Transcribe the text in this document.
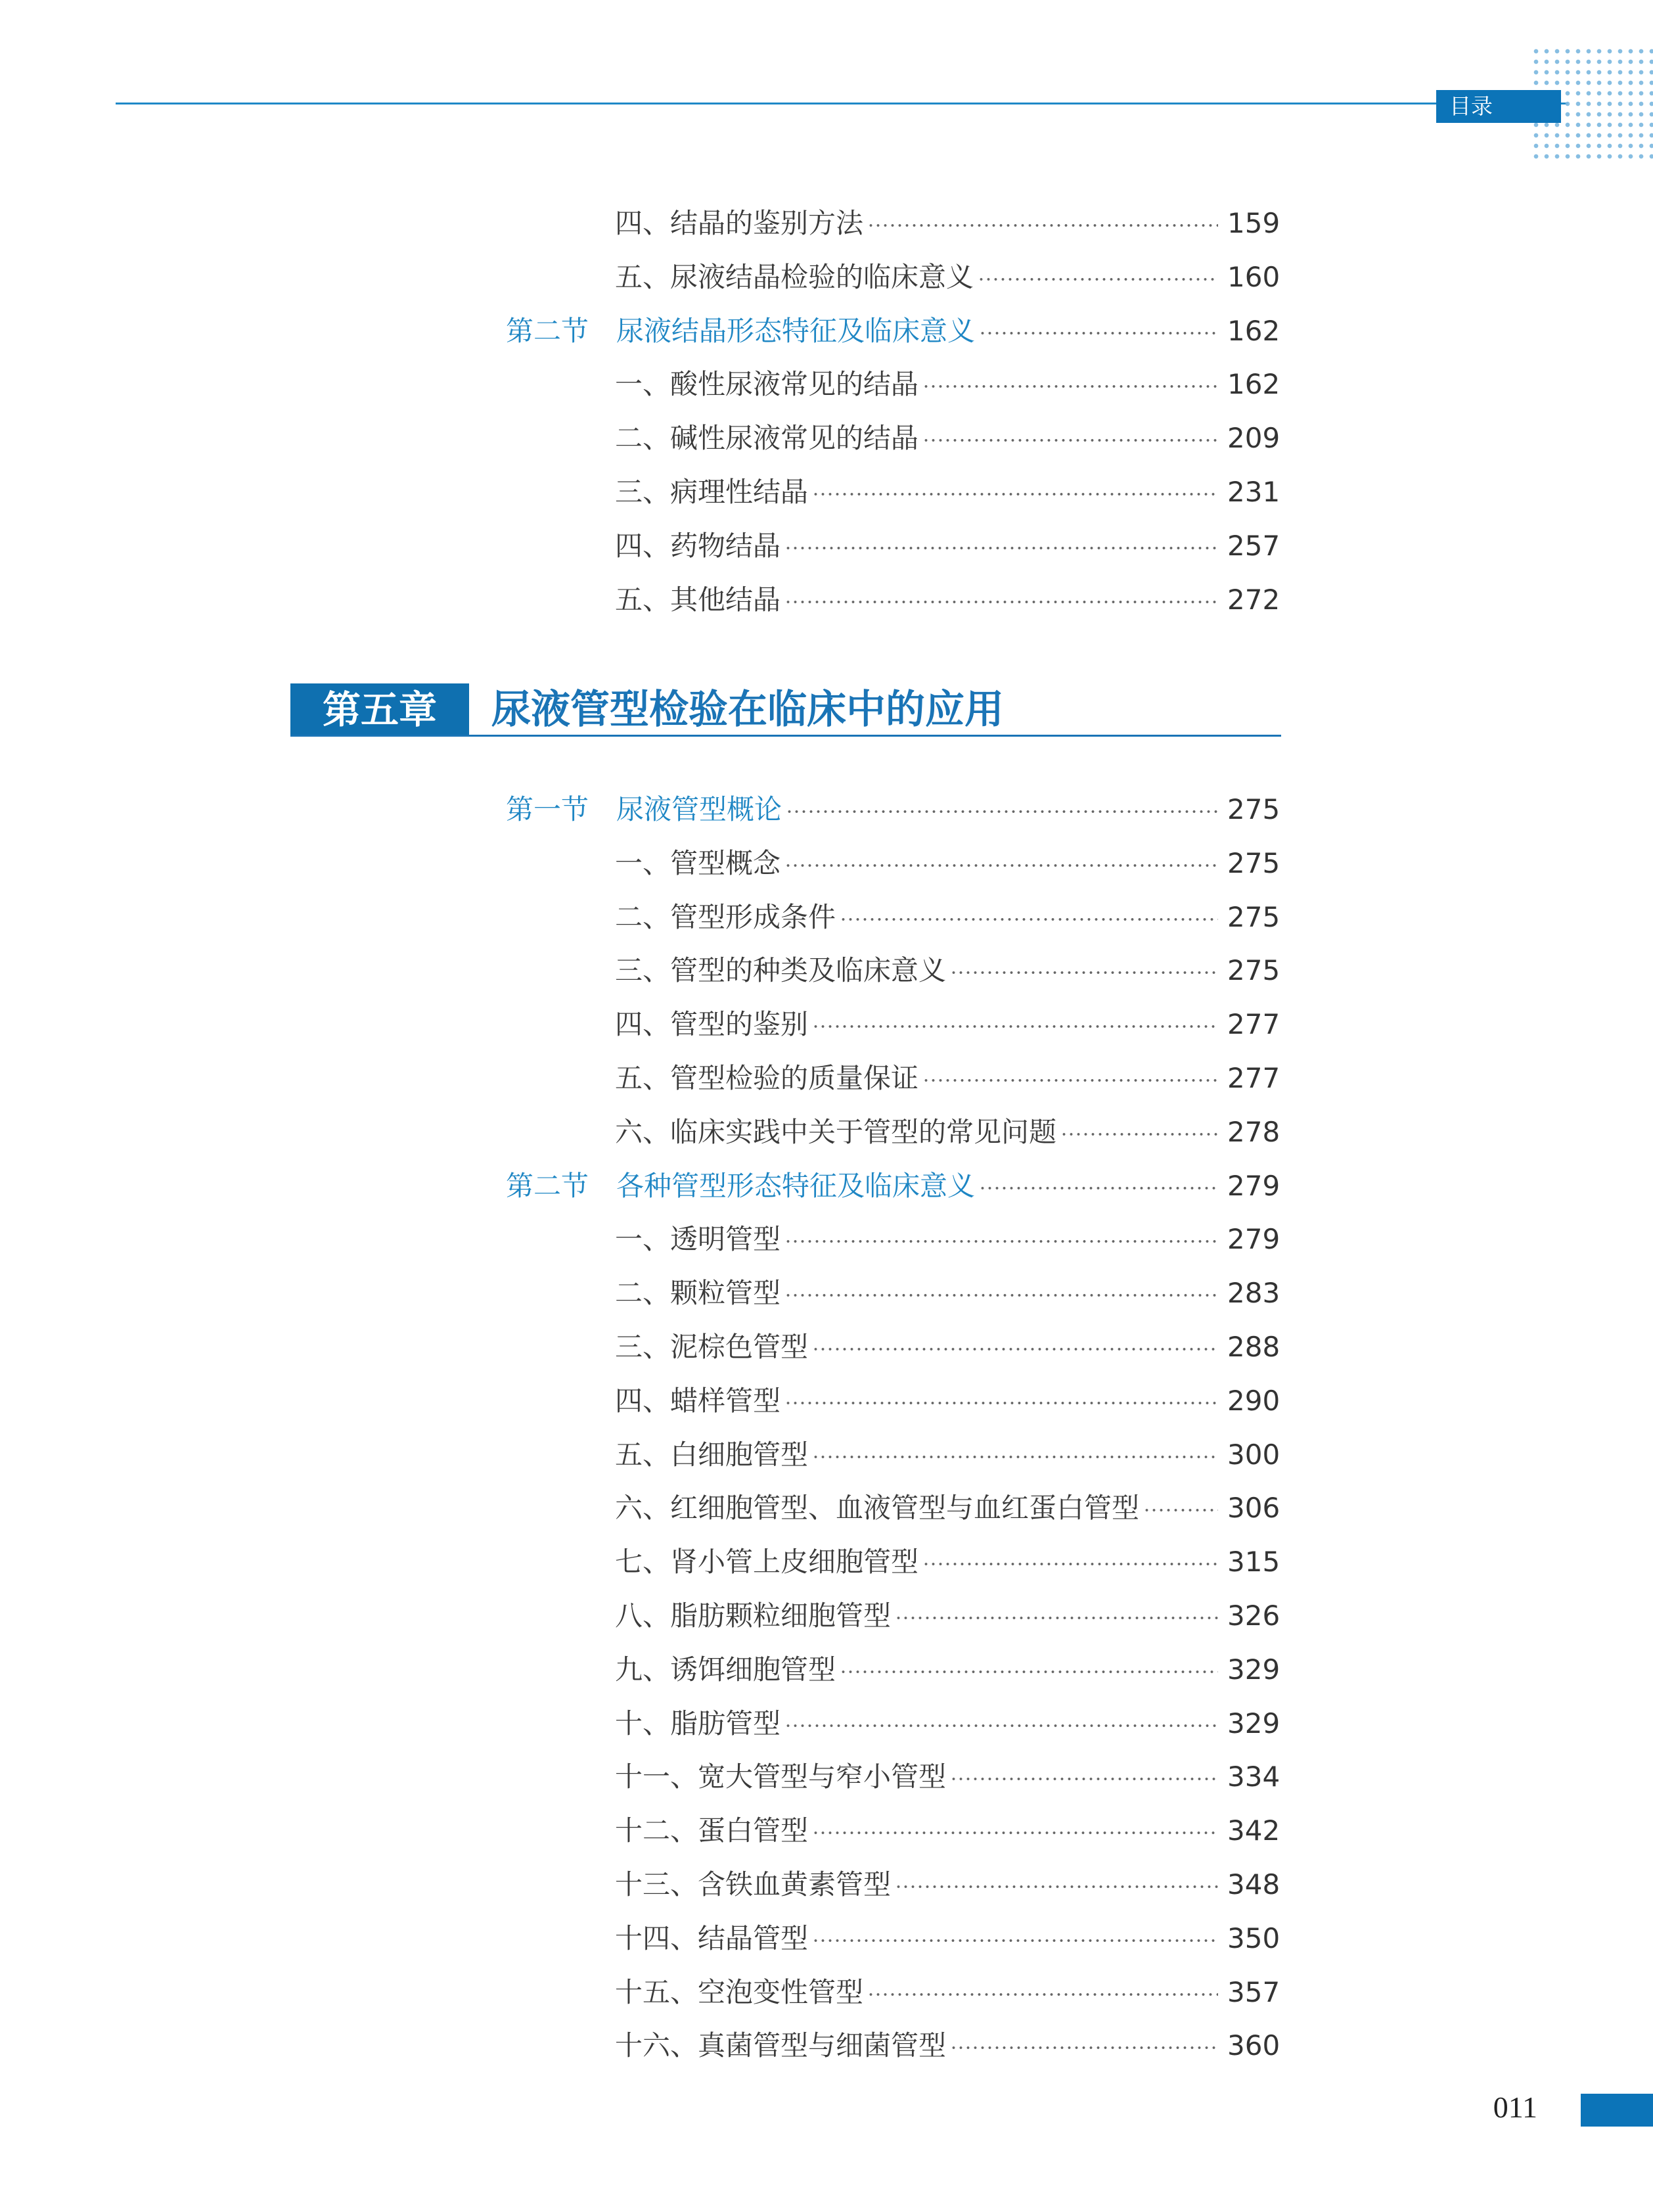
目录
四、结晶的鉴别方法	159
五、尿液结晶检验的临床意义	160
第二节 尿液结晶形态特征及临床意义	162
一、酸性尿液常见的结晶	162
二、碱性尿液常见的结晶	209
三、病理性结晶	231
四、药物结晶	257
五、其他结晶	272
第五章	尿液管型检验在临床中的应用
第一节 尿液管型概论	275
一、管型概念	275
二、管型形成条件	275
三、管型的种类及临床意义	275
四、管型的鉴别	277
五、管型检验的质量保证	277
六、临床实践中关于管型的常见问题	278
第二节 各种管型形态特征及临床意义	279
一、透明管型	279
二、颗粒管型	283
三、泥棕色管型	288
四、蜡样管型	290
五、白细胞管型	300
六、红细胞管型、血液管型与血红蛋白管型	306
七、肾小管上皮细胞管型	315
八、脂肪颗粒细胞管型	326
九、诱饵细胞管型	329
十、脂肪管型	329
十一、宽大管型与窄小管型	334
十二、蛋白管型	342
十三、含铁血黄素管型	348
十四、结晶管型	350
十五、空泡变性管型	357
十六、真菌管型与细菌管型	360
011
